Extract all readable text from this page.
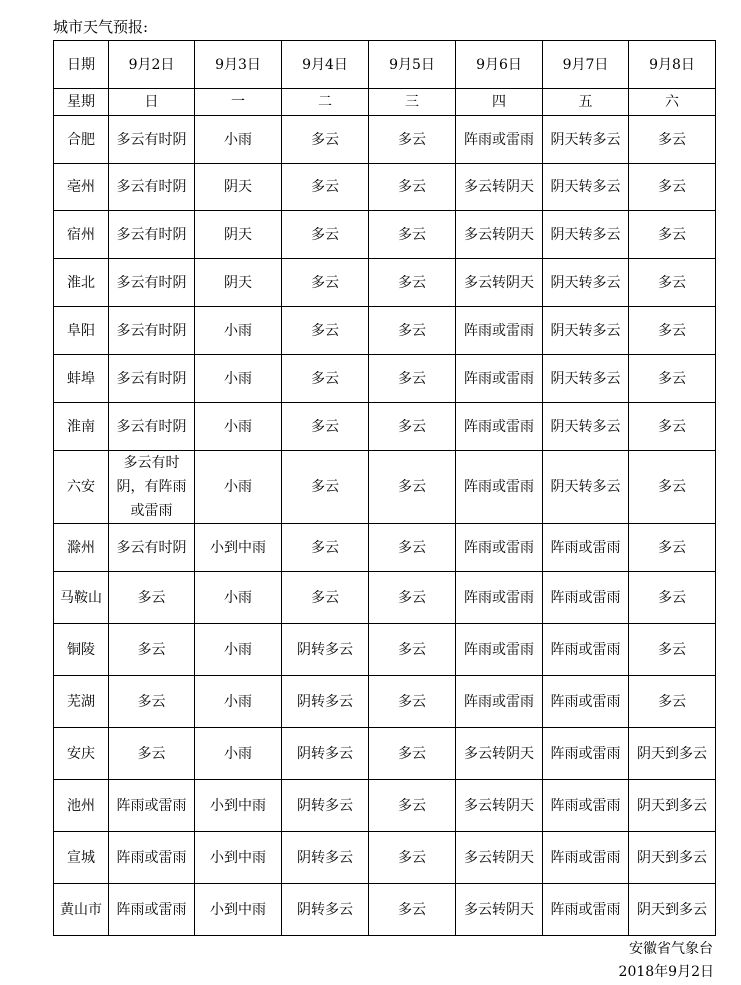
城市天气预报:
日期	9月2日	9月3日	9月4日	9月5日	9月6日	9月7日	9月8日
星期	日	一	二	三	四	五	六
合肥	多云有时阴	小雨	多云	多云	阵雨或雷雨	阴天转多云	多云
亳州	多云有时阴	阴天	多云	多云	多云转阴天	阴天转多云	多云
宿州	多云有时阴	阴天	多云	多云	多云转阴天	阴天转多云	多云
淮北	多云有时阴	阴天	多云	多云	多云转阴天	阴天转多云	多云
阜阳	多云有时阴	小雨	多云	多云	阵雨或雷雨	阴天转多云	多云
蚌埠	多云有时阴	小雨	多云	多云	阵雨或雷雨	阴天转多云	多云
淮南	多云有时阴	小雨	多云	多云	阵雨或雷雨	阴天转多云	多云
六安	多云有时阴，有阵雨或雷雨	小雨	多云	多云	阵雨或雷雨	阴天转多云	多云
滁州	多云有时阴	小到中雨	多云	多云	阵雨或雷雨	阵雨或雷雨	多云
马鞍山	多云	小雨	多云	多云	阵雨或雷雨	阵雨或雷雨	多云
铜陵	多云	小雨	阴转多云	多云	阵雨或雷雨	阵雨或雷雨	多云
芜湖	多云	小雨	阴转多云	多云	阵雨或雷雨	阵雨或雷雨	多云
安庆	多云	小雨	阴转多云	多云	多云转阴天	阵雨或雷雨	阴天到多云
池州	阵雨或雷雨	小到中雨	阴转多云	多云	多云转阴天	阵雨或雷雨	阴天到多云
宣城	阵雨或雷雨	小到中雨	阴转多云	多云	多云转阴天	阵雨或雷雨	阴天到多云
黄山市	阵雨或雷雨	小到中雨	阴转多云	多云	多云转阴天	阵雨或雷雨	阴天到多云
安徽省气象台
2018年9月2日
